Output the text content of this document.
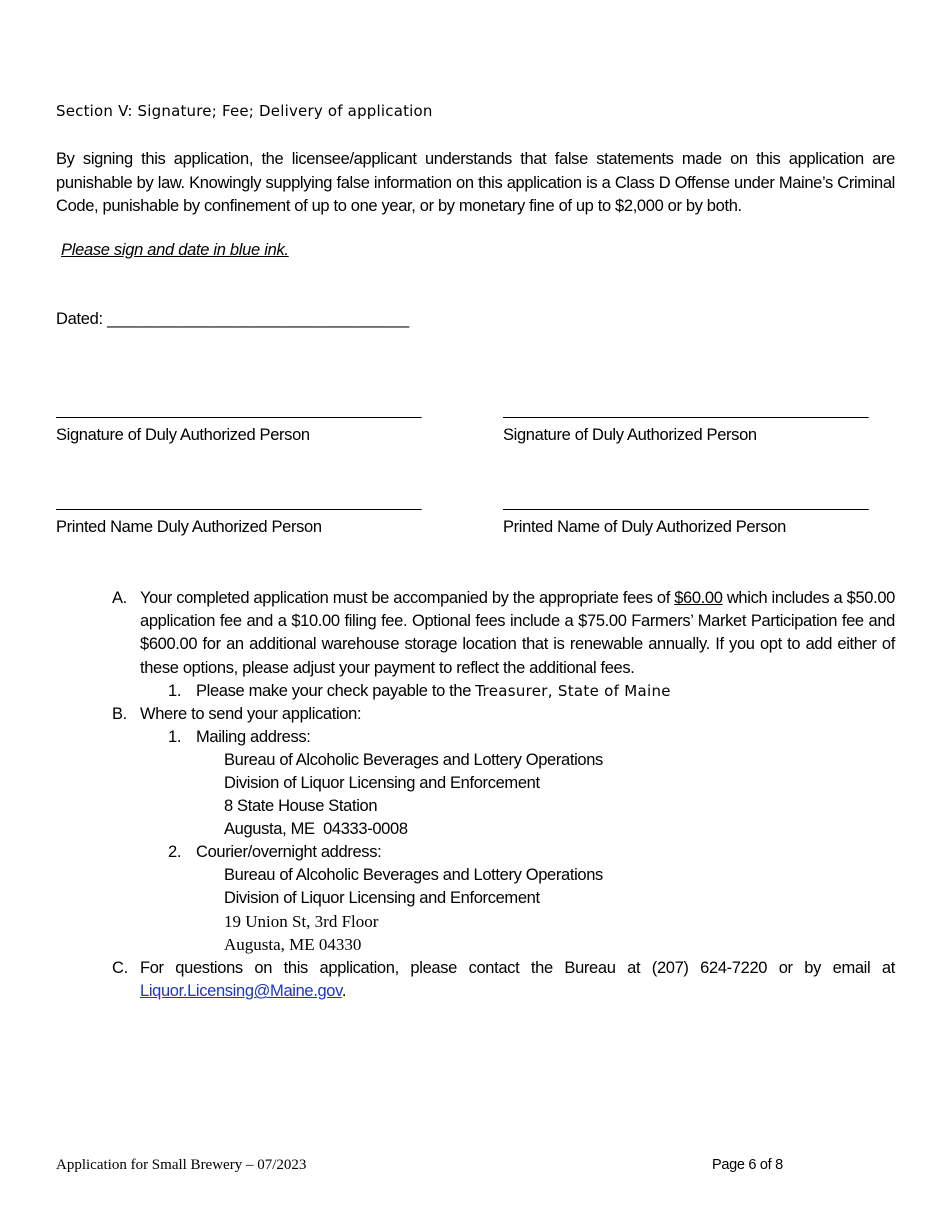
Section V: Signature; Fee; Delivery of application
By signing this application, the licensee/applicant understands that false statements made on this application are punishable by law. Knowingly supplying false information on this application is a Class D Offense under Maine’s Criminal Code, punishable by confinement of up to one year, or by monetary fine of up to $2,000 or by both.
Please sign and date in blue ink.
Dated: __________________________________
__________________________________________
Signature of Duly Authorized Person
__________________________________________
Signature of Duly Authorized Person
__________________________________________
Printed Name Duly Authorized Person
__________________________________________
Printed Name of Duly Authorized Person
A. Your completed application must be accompanied by the appropriate fees of $60.00 which includes a $50.00 application fee and a $10.00 filing fee. Optional fees include a $75.00 Farmers’ Market Participation fee and $600.00 for an additional warehouse storage location that is renewable annually. If you opt to add either of these options, please adjust your payment to reflect the additional fees.
1. Please make your check payable to the Treasurer, State of Maine
B. Where to send your application:
1. Mailing address:
Bureau of Alcoholic Beverages and Lottery Operations
Division of Liquor Licensing and Enforcement
8 State House Station
Augusta, ME  04333-0008
2. Courier/overnight address:
Bureau of Alcoholic Beverages and Lottery Operations
Division of Liquor Licensing and Enforcement
19 Union St, 3rd Floor
Augusta, ME 04330
C. For questions on this application, please contact the Bureau at (207) 624-7220 or by email at Liquor.Licensing@Maine.gov.
Application for Small Brewery – 07/2023	Page 6 of 8
